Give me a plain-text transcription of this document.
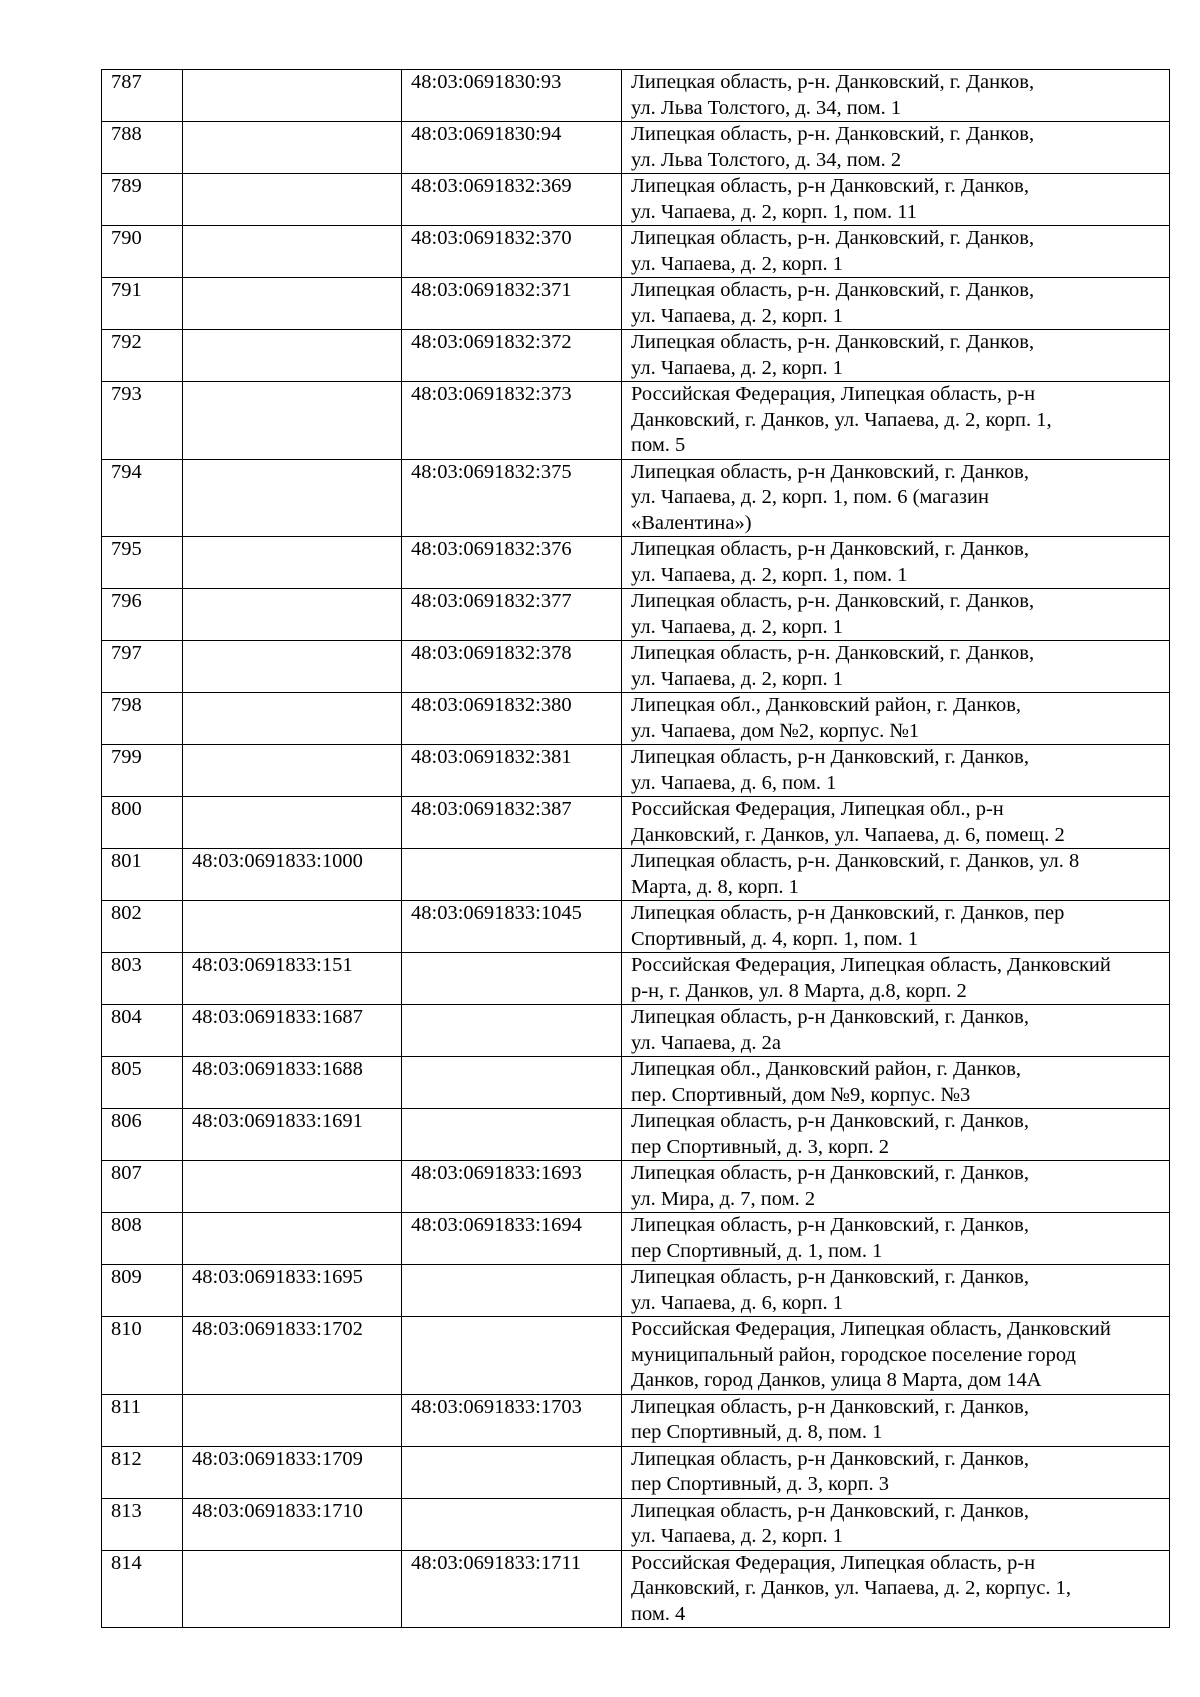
787		48:03:0691830:93	Липецкая область, р-н. Данковский, г. Данков,
ул. Льва Толстого, д. 34, пом. 1
788		48:03:0691830:94	Липецкая область, р-н. Данковский, г. Данков,
ул. Льва Толстого, д. 34, пом. 2
789		48:03:0691832:369	Липецкая область, р-н Данковский, г. Данков,
ул. Чапаева, д. 2, корп. 1, пом. 11
790		48:03:0691832:370	Липецкая область, р-н. Данковский, г. Данков,
ул. Чапаева, д. 2, корп. 1
791		48:03:0691832:371	Липецкая область, р-н. Данковский, г. Данков,
ул. Чапаева, д. 2, корп. 1
792		48:03:0691832:372	Липецкая область, р-н. Данковский, г. Данков,
ул. Чапаева, д. 2, корп. 1
793		48:03:0691832:373	Российская Федерация, Липецкая область, р-н
Данковский, г. Данков, ул. Чапаева, д. 2, корп. 1,
пом. 5
794		48:03:0691832:375	Липецкая область, р-н Данковский, г. Данков,
ул. Чапаева, д. 2, корп. 1, пом. 6 (магазин
«Валентина»)
795		48:03:0691832:376	Липецкая область, р-н Данковский, г. Данков,
ул. Чапаева, д. 2, корп. 1, пом. 1
796		48:03:0691832:377	Липецкая область, р-н. Данковский, г. Данков,
ул. Чапаева, д. 2, корп. 1
797		48:03:0691832:378	Липецкая область, р-н. Данковский, г. Данков,
ул. Чапаева, д. 2, корп. 1
798		48:03:0691832:380	Липецкая обл., Данковский район, г. Данков,
ул. Чапаева, дом №2, корпус. №1
799		48:03:0691832:381	Липецкая область, р-н Данковский, г. Данков,
ул. Чапаева, д. 6, пом. 1
800		48:03:0691832:387	Российская Федерация, Липецкая обл., р-н
Данковский, г. Данков, ул. Чапаева, д. 6, помещ. 2
801	48:03:0691833:1000		Липецкая область, р-н. Данковский, г. Данков, ул. 8
Марта, д. 8, корп. 1
802		48:03:0691833:1045	Липецкая область, р-н Данковский, г. Данков, пер
Спортивный, д. 4, корп. 1, пом. 1
803	48:03:0691833:151		Российская Федерация, Липецкая область, Данковский
р-н, г. Данков, ул. 8 Марта, д.8, корп. 2
804	48:03:0691833:1687		Липецкая область, р-н Данковский, г. Данков,
ул. Чапаева, д. 2а
805	48:03:0691833:1688		Липецкая обл., Данковский район, г. Данков,
пер. Спортивный, дом №9, корпус. №3
806	48:03:0691833:1691		Липецкая область, р-н Данковский, г. Данков,
пер Спортивный, д. 3, корп. 2
807		48:03:0691833:1693	Липецкая область, р-н Данковский, г. Данков,
ул. Мира, д. 7, пом. 2
808		48:03:0691833:1694	Липецкая область, р-н Данковский, г. Данков,
пер Спортивный, д. 1, пом. 1
809	48:03:0691833:1695		Липецкая область, р-н Данковский, г. Данков,
ул. Чапаева, д. 6, корп. 1
810	48:03:0691833:1702		Российская Федерация, Липецкая область, Данковский
муниципальный район, городское поселение город
Данков, город Данков, улица 8 Марта, дом 14А
811		48:03:0691833:1703	Липецкая область, р-н Данковский, г. Данков,
пер Спортивный, д. 8, пом. 1
812	48:03:0691833:1709		Липецкая область, р-н Данковский, г. Данков,
пер Спортивный, д. 3, корп. 3
813	48:03:0691833:1710		Липецкая область, р-н Данковский, г. Данков,
ул. Чапаева, д. 2, корп. 1
814		48:03:0691833:1711	Российская Федерация, Липецкая область, р-н
Данковский, г. Данков, ул. Чапаева, д. 2, корпус. 1,
пом. 4
